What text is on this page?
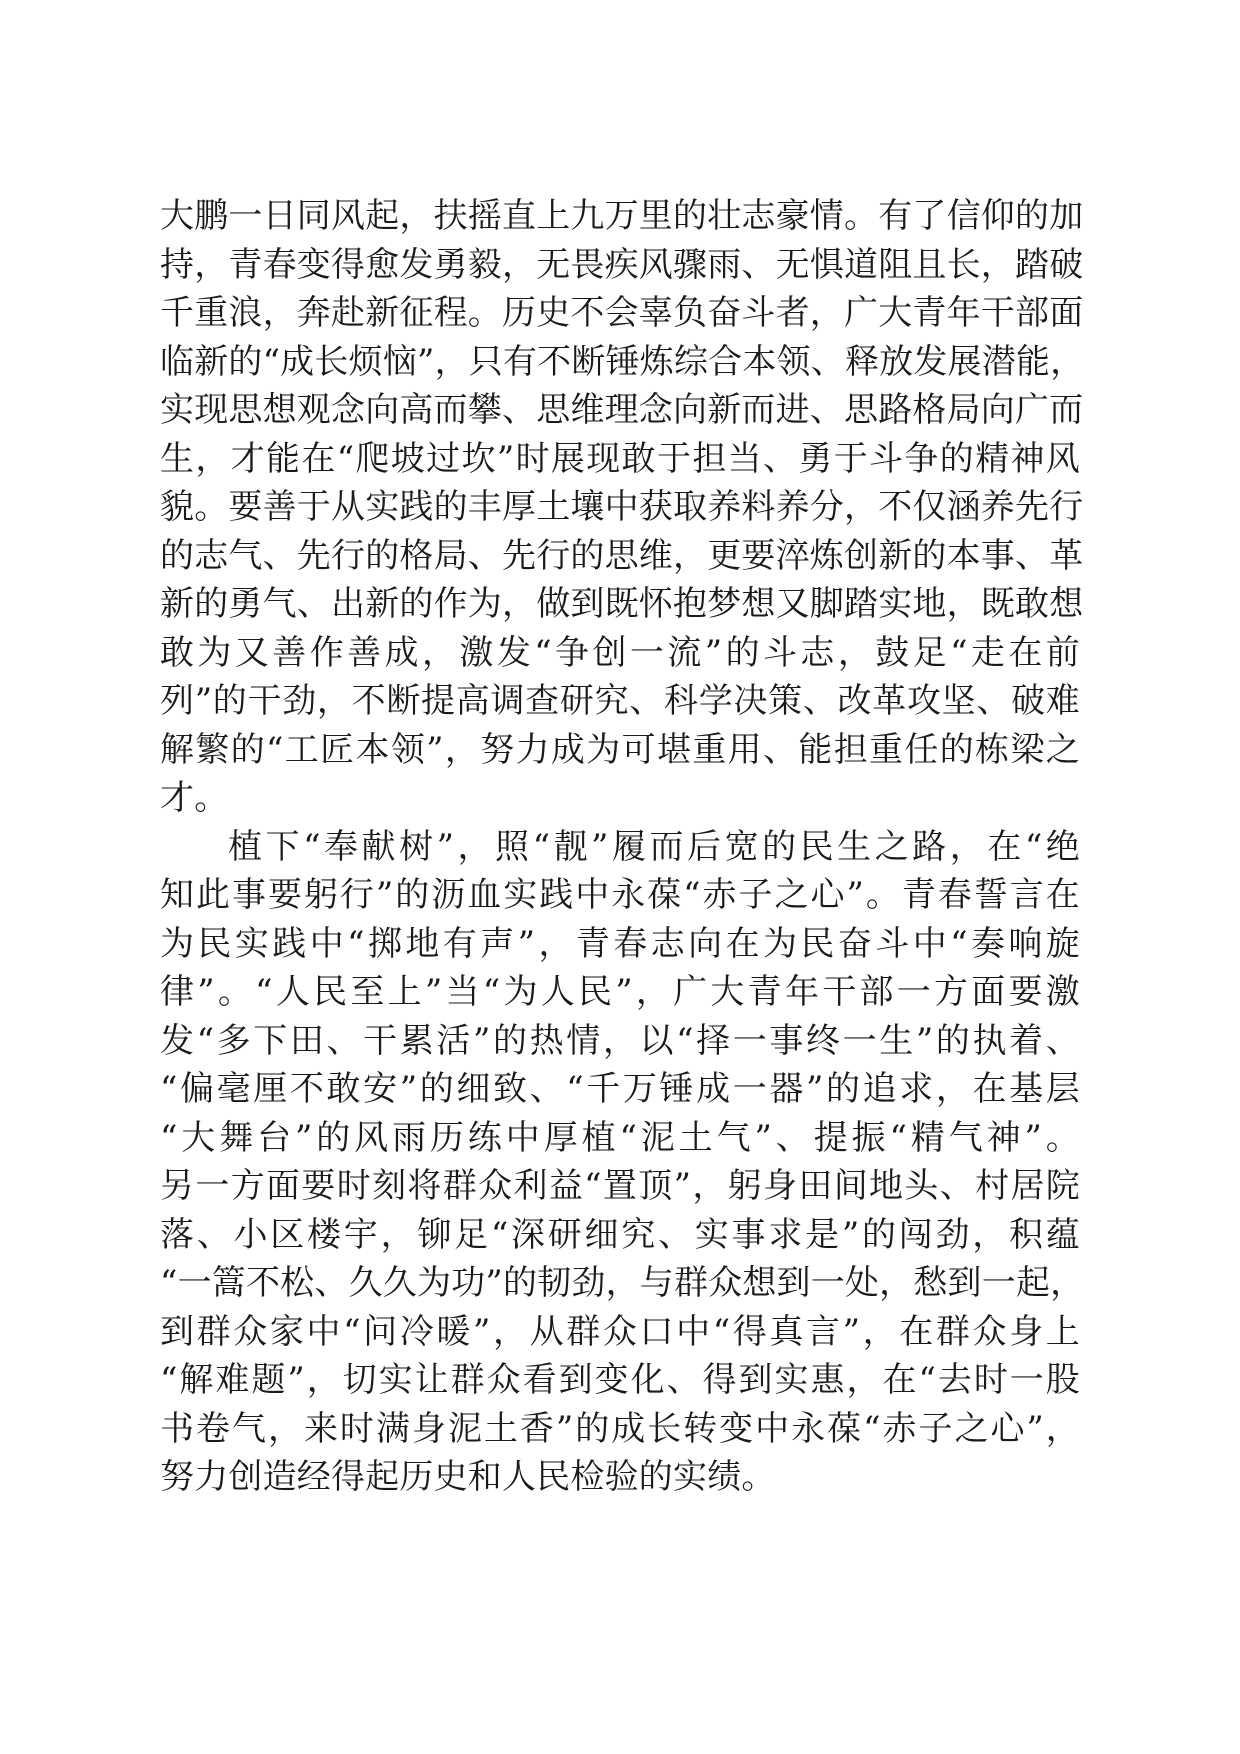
大鹏一日同风起，扶摇直上九万里的壮志豪情。有了信仰的加
持，青春变得愈发勇毅，无畏疾风骤雨、无惧道阻且长，踏破
千重浪，奔赴新征程。历史不会辜负奋斗者，广大青年干部面
临新的“成长烦恼”，只有不断锤炼综合本领、释放发展潜能，
实现思想观念向高而攀、思维理念向新而进、思路格局向广而
生，才能在“爬坡过坎”时展现敢于担当、勇于斗争的精神风
貌。要善于从实践的丰厚土壤中获取养料养分，不仅涵养先行
的志气、先行的格局、先行的思维，更要淬炼创新的本事、革
新的勇气、出新的作为，做到既怀抱梦想又脚踏实地，既敢想
敢为又善作善成，激发“争创一流”的斗志，鼓足“走在前
列”的干劲，不断提高调查研究、科学决策、改革攻坚、破难
解繁的“工匠本领”，努力成为可堪重用、能担重任的栋梁之
才。
植下“奉献树”，照“靓”履而后宽的民生之路，在“绝
知此事要躬行”的沥血实践中永葆“赤子之心”。青春誓言在
为民实践中“掷地有声”，青春志向在为民奋斗中“奏响旋
律”。“人民至上”当“为人民”，广大青年干部一方面要激
发“多下田、干累活”的热情，以“择一事终一生”的执着、
“偏毫厘不敢安”的细致、“千万锤成一器”的追求，在基层
“大舞台”的风雨历练中厚植“泥土气”、提振“精气神”。
另一方面要时刻将群众利益“置顶”，躬身田间地头、村居院
落、小区楼宇，铆足“深研细究、实事求是”的闯劲，积蕴
“一篙不松、久久为功”的韧劲，与群众想到一处，愁到一起，
到群众家中“问冷暖”，从群众口中“得真言”，在群众身上
“解难题”，切实让群众看到变化、得到实惠，在“去时一股
书卷气，来时满身泥土香”的成长转变中永葆“赤子之心”，
努力创造经得起历史和人民检验的实绩。
